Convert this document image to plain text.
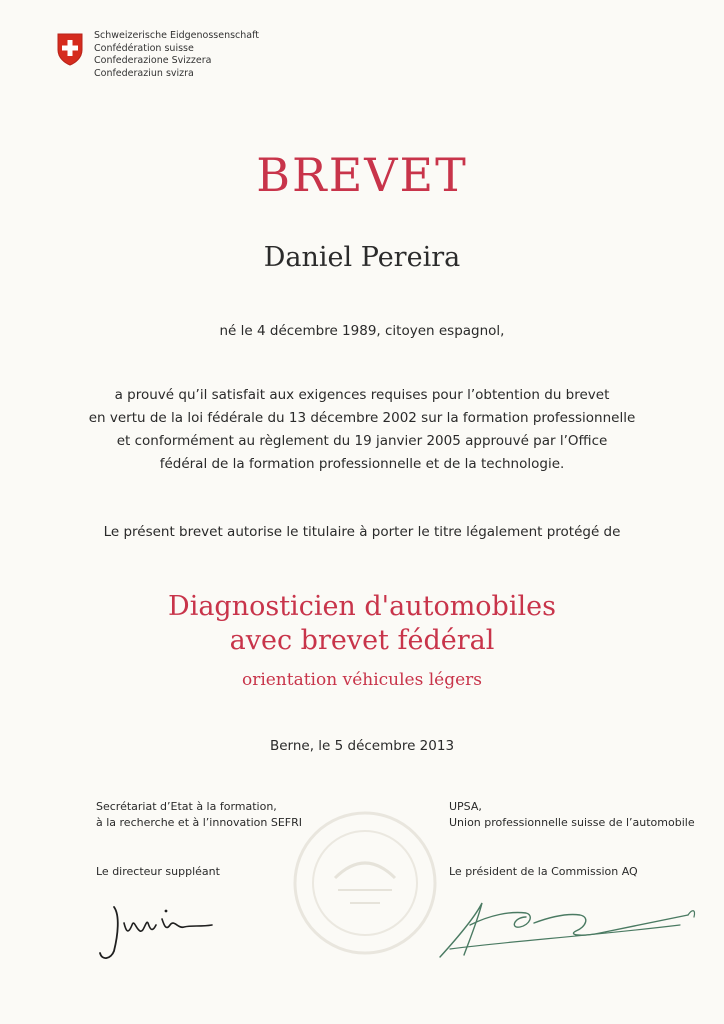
Schweizerische Eidgenossenschaft
Confédération suisse
Confederazione Svizzera
Confederaziun svizra
BREVET
Daniel Pereira
né le 4 décembre 1989, citoyen espagnol,
a prouvé qu’il satisfait aux exigences requises pour l’obtention du brevet
en vertu de la loi fédérale du 13 décembre 2002 sur la formation professionnelle
et conformément au règlement du 19 janvier 2005 approuvé par l’Office
fédéral de la formation professionnelle et de la technologie.
Le présent brevet autorise le titulaire à porter le titre légalement protégé de
Diagnosticien d'automobiles
avec brevet fédéral
orientation véhicules légers
Berne, le 5 décembre 2013
Secrétariat d’Etat à la formation,
à la recherche et à l’innovation SEFRI
UPSA,
Union professionnelle suisse de l’automobile
Le directeur suppléant	Le président de la Commission AQ
